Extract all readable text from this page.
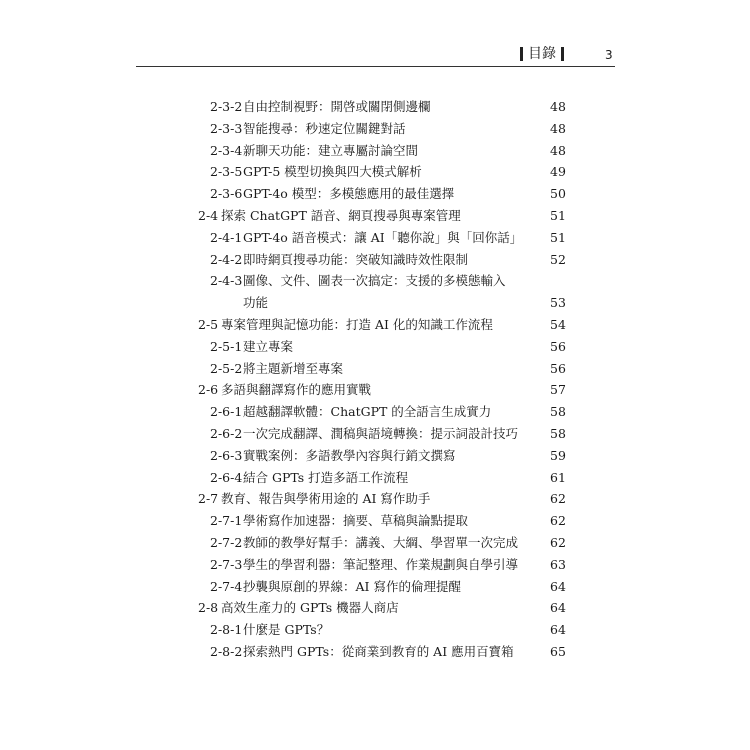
目錄	3
2-3-2 自由控制視野：開啓或關閉側邊欄	48
2-3-3 智能搜尋：秒速定位關鍵對話	48
2-3-4 新聊天功能：建立專屬討論空間	48
2-3-5 GPT-5 模型切換與四大模式解析	49
2-3-6 GPT-4o 模型：多模態應用的最佳選擇	50
2-4 探索 ChatGPT 語音、網頁搜尋與專案管理	51
2-4-1 GPT-4o 語音模式：讓 AI「聽你說」與「回你話」 51
2-4-2 即時網頁搜尋功能：突破知識時效性限制	52
2-4-3 圖像、文件、圖表一次搞定：支援的多模態輸入
功能	53
2-5 專案管理與記憶功能：打造 AI 化的知識工作流程	54
2-5-1 建立專案	56
2-5-2 將主題新增至專案	56
2-6 多語與翻譯寫作的應用實戰	57
2-6-1 超越翻譯軟體：ChatGPT 的全語言生成實力	58
2-6-2 一次完成翻譯、潤稿與語境轉換：提示詞設計技巧	58
2-6-3 實戰案例：多語教學內容與行銷文撰寫	59
2-6-4 結合 GPTs 打造多語工作流程	61
2-7 教育、報告與學術用途的 AI 寫作助手	62
2-7-1 學術寫作加速器：摘要、草稿與論點提取	62
2-7-2 教師的教學好幫手：講義、大綱、學習單一次完成	62
2-7-3 學生的學習利器：筆記整理、作業規劃與自學引導	63
2-7-4 抄襲與原創的界線：AI 寫作的倫理提醒	64
2-8 高效生產力的 GPTs 機器人商店	64
2-8-1 什麼是 GPTs？	64
2-8-2 探索熱門 GPTs：從商業到教育的 AI 應用百寶箱	65
